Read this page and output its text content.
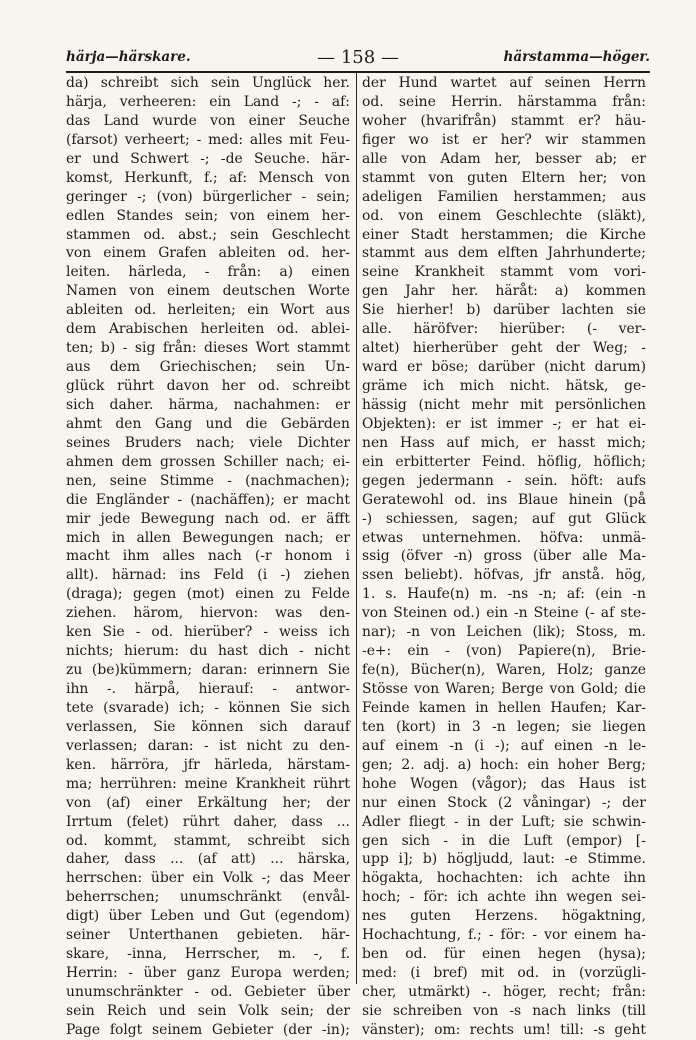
härja—härskare.	— 158 —	härstamma—höger.
da) schreibt sich sein Unglück her.
härja, verheeren: ein Land -; - af:
das Land wurde von einer Seuche
(farsot) verheert; - med: alles mit Feu-
er und Schwert -; -de Seuche. här-
komst, Herkunft, f.; af: Mensch von
geringer -; (von) bürgerlicher - sein;
edlen Standes sein; von einem her-
stammen od. abst.; sein Geschlecht
von einem Grafen ableiten od. her-
leiten. härleda, - från: a) einen
Namen von einem deutschen Worte
ableiten od. herleiten; ein Wort aus
dem Arabischen herleiten od. ablei-
ten; b) - sig från: dieses Wort stammt
aus dem Griechischen; sein Un-
glück rührt davon her od. schreibt
sich daher. härma, nachahmen: er
ahmt den Gang und die Gebärden
seines Bruders nach; viele Dichter
ahmen dem grossen Schiller nach; ei-
nen, seine Stimme - (nachmachen);
die Engländer - (nachäffen); er macht
mir jede Bewegung nach od. er äfft
mich in allen Bewegungen nach; er
macht ihm alles nach (-r honom i
allt). härnad: ins Feld (i -) ziehen
(draga); gegen (mot) einen zu Felde
ziehen. härom, hiervon: was den-
ken Sie - od. hierüber? - weiss ich
nichts; hierum: du hast dich - nicht
zu (be)kümmern; daran: erinnern Sie
ihn -. härpå, hierauf: - antwor-
tete (svarade) ich; - können Sie sich
verlassen, Sie können sich darauf
verlassen; daran: - ist nicht zu den-
ken. härröra, jfr härleda, härstam-
ma; herrühren: meine Krankheit rührt
von (af) einer Erkältung her; der
Irrtum (felet) rührt daher, dass ...
od. kommt, stammt, schreibt sich
daher, dass ... (af att) ... härska,
herrschen: über ein Volk -; das Meer
beherrschen; unumschränkt (envål-
digt) über Leben und Gut (egendom)
seiner Unterthanen gebieten. här-
skare, -inna, Herrscher, m. -, f.
Herrin: - über ganz Europa werden;
unumschränkter - od. Gebieter über
sein Reich und sein Volk sein; der
Page folgt seinem Gebieter (der -in);
der Hund wartet auf seinen Herrn
od. seine Herrin. härstamma från:
woher (hvarifrån) stammt er? häu-
figer wo ist er her? wir stammen
alle von Adam her, besser ab; er
stammt von guten Eltern her; von
adeligen Familien herstammen; aus
od. von einem Geschlechte (släkt),
einer Stadt herstammen; die Kirche
stammt aus dem elften Jahrhunderte;
seine Krankheit stammt vom vori-
gen Jahr her. häråt: a) kommen
Sie hierher! b) darüber lachten sie
alle. häröfver: hierüber: (- ver-
altet) hierherüber geht der Weg; -
ward er böse; darüber (nicht darum)
gräme ich mich nicht. hätsk, ge-
hässig (nicht mehr mit persönlichen
Objekten): er ist immer -; er hat ei-
nen Hass auf mich, er hasst mich;
ein erbitterter Feind. höflig, höflich;
gegen jedermann - sein. höft: aufs
Geratewohl od. ins Blaue hinein (på
-) schiessen, sagen; auf gut Glück
etwas unternehmen. höfva: unmä-
ssig (öfver -n) gross (über alle Ma-
ssen beliebt). höfvas, jfr anstå. hög,
1. s. Haufe(n) m. -ns -n; af: (ein -n
von Steinen od.) ein -n Steine (- af ste-
nar); -n von Leichen (lik); Stoss, m.
-e+: ein - (von) Papiere(n), Brie-
fe(n), Bücher(n), Waren, Holz; ganze
Stösse von Waren; Berge von Gold; die
Feinde kamen in hellen Haufen; Kar-
ten (kort) in 3 -n legen; sie liegen
auf einem -n (i -); auf einen -n le-
gen; 2. adj. a) hoch: ein hoher Berg;
hohe Wogen (vågor); das Haus ist
nur einen Stock (2 våningar) -; der
Adler fliegt - in der Luft; sie schwin-
gen sich - in die Luft (empor) [-
upp i]; b) högljudd, laut: -e Stimme.
högakta, hochachten: ich achte ihn
hoch; - för: ich achte ihn wegen sei-
nes guten Herzens. högaktning,
Hochachtung, f.; - för: - vor einem ha-
ben od. für einen hegen (hysa);
med: (i bref) mit od. in (vorzügli-
cher, utmärkt) -. höger, recht; från:
sie schreiben von -s nach links (till
vänster); om: rechts um! till: -s geht
